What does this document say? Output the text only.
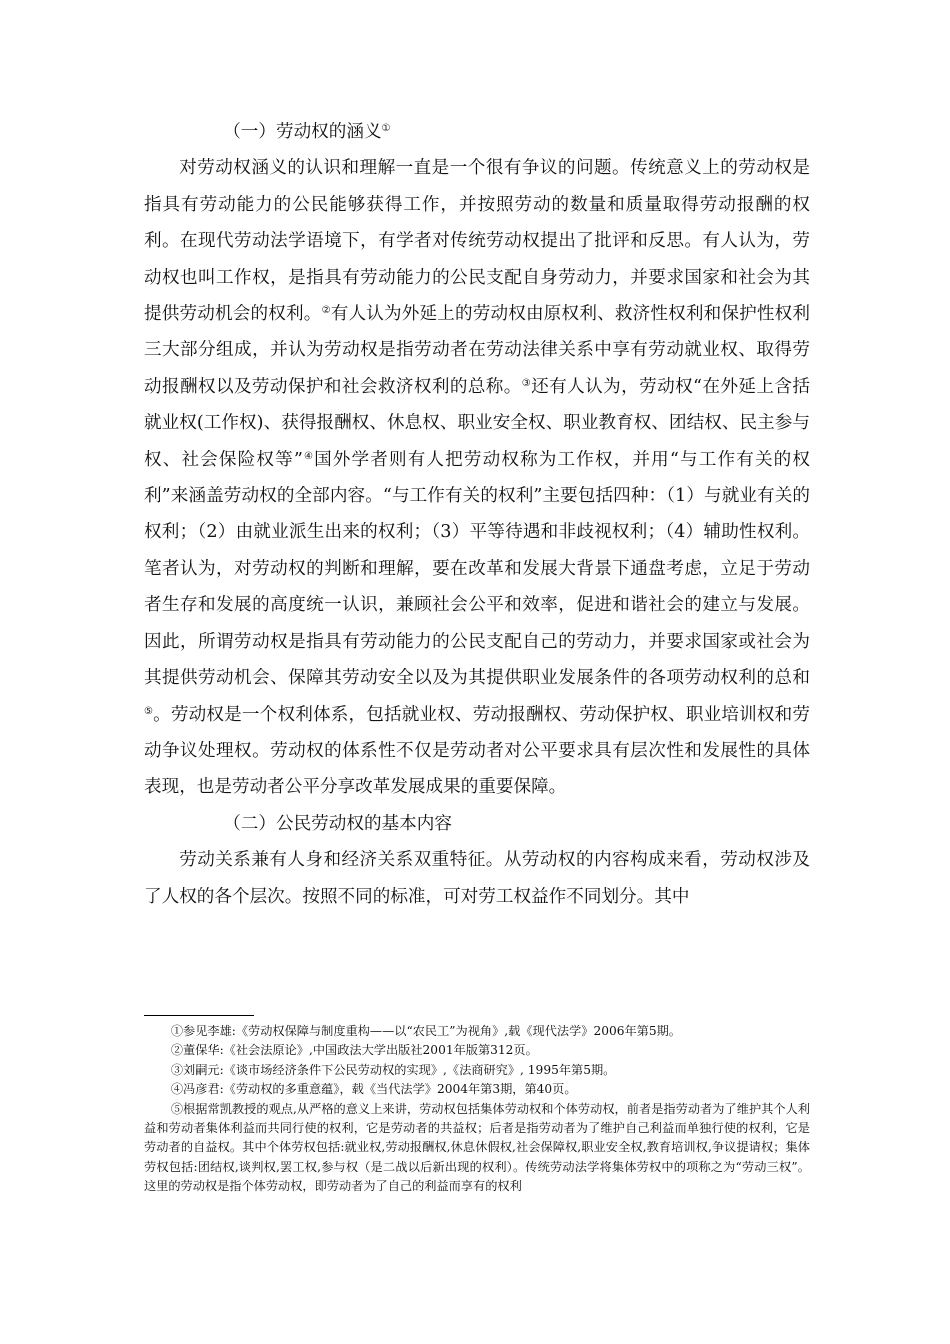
（一）劳动权的涵义①

对劳动权涵义的认识和理解一直是一个很有争议的问题。传统意义上的劳动权是指具有劳动能力的公民能够获得工作，并按照劳动的数量和质量取得劳动报酬的权利。在现代劳动法学语境下，有学者对传统劳动权提出了批评和反思。有人认为，劳动权也叫工作权，是指具有劳动能力的公民支配自身劳动力，并要求国家和社会为其提供劳动机会的权利。②有人认为外延上的劳动权由原权利、救济性权利和保护性权利三大部分组成，并认为劳动权是指劳动者在劳动法律关系中享有劳动就业权、取得劳动报酬权以及劳动保护和社会救济权利的总称。③还有人认为，劳动权“在外延上含括就业权(工作权)、获得报酬权、休息权、职业安全权、职业教育权、团结权、民主参与权、社会保险权等”④国外学者则有人把劳动权称为工作权，并用“与工作有关的权利”来涵盖劳动权的全部内容。“与工作有关的权利”主要包括四种：（1）与就业有关的权利；（2）由就业派生出来的权利；（3）平等待遇和非歧视权利；（4）辅助性权利。笔者认为，对劳动权的判断和理解，要在改革和发展大背景下通盘考虑，立足于劳动者生存和发展的高度统一认识，兼顾社会公平和效率，促进和谐社会的建立与发展。因此，所谓劳动权是指具有劳动能力的公民支配自己的劳动力，并要求国家或社会为其提供劳动机会、保障其劳动安全以及为其提供职业发展条件的各项劳动权利的总和⑤。劳动权是一个权利体系，包括就业权、劳动报酬权、劳动保护权、职业培训权和劳动争议处理权。劳动权的体系性不仅是劳动者对公平要求具有层次性和发展性的具体表现，也是劳动者公平分享改革发展成果的重要保障。

（二）公民劳动权的基本内容

劳动关系兼有人身和经济关系双重特征。从劳动权的内容构成来看，劳动权涉及了人权的各个层次。按照不同的标准，可对劳工权益作不同划分。其中

①参见李雄:《劳动权保障与制度重构——以“农民工”为视角》,载《现代法学》2006年第5期。

②董保华:《社会法原论》,中国政法大学出版社2001年版第312页。

③刘嗣元:《谈市场经济条件下公民劳动权的实现》,《法商研究》, 1995年第5期。

④冯彦君:《劳动权的多重意蕴》，载《当代法学》2004年第3期，第40页。

⑤根据常凯教授的观点,从严格的意义上来讲，劳动权包括集体劳动权和个体劳动权，前者是指劳动者为了维护其个人利益和劳动者集体利益而共同行使的权利，它是劳动者的共益权；后者是指劳动者为了维护自己利益而单独行使的权利，它是劳动者的自益权。其中个体劳权包括:就业权,劳动报酬权,休息休假权,社会保障权,职业安全权,教育培训权,争议提请权；集体劳权包括:团结权,谈判权,罢工权,参与权（是二战以后新出现的权利）。传统劳动法学将集体劳权中的项称之为“劳动三权”。这里的劳动权是指个体劳动权，即劳动者为了自己的利益而享有的权利
